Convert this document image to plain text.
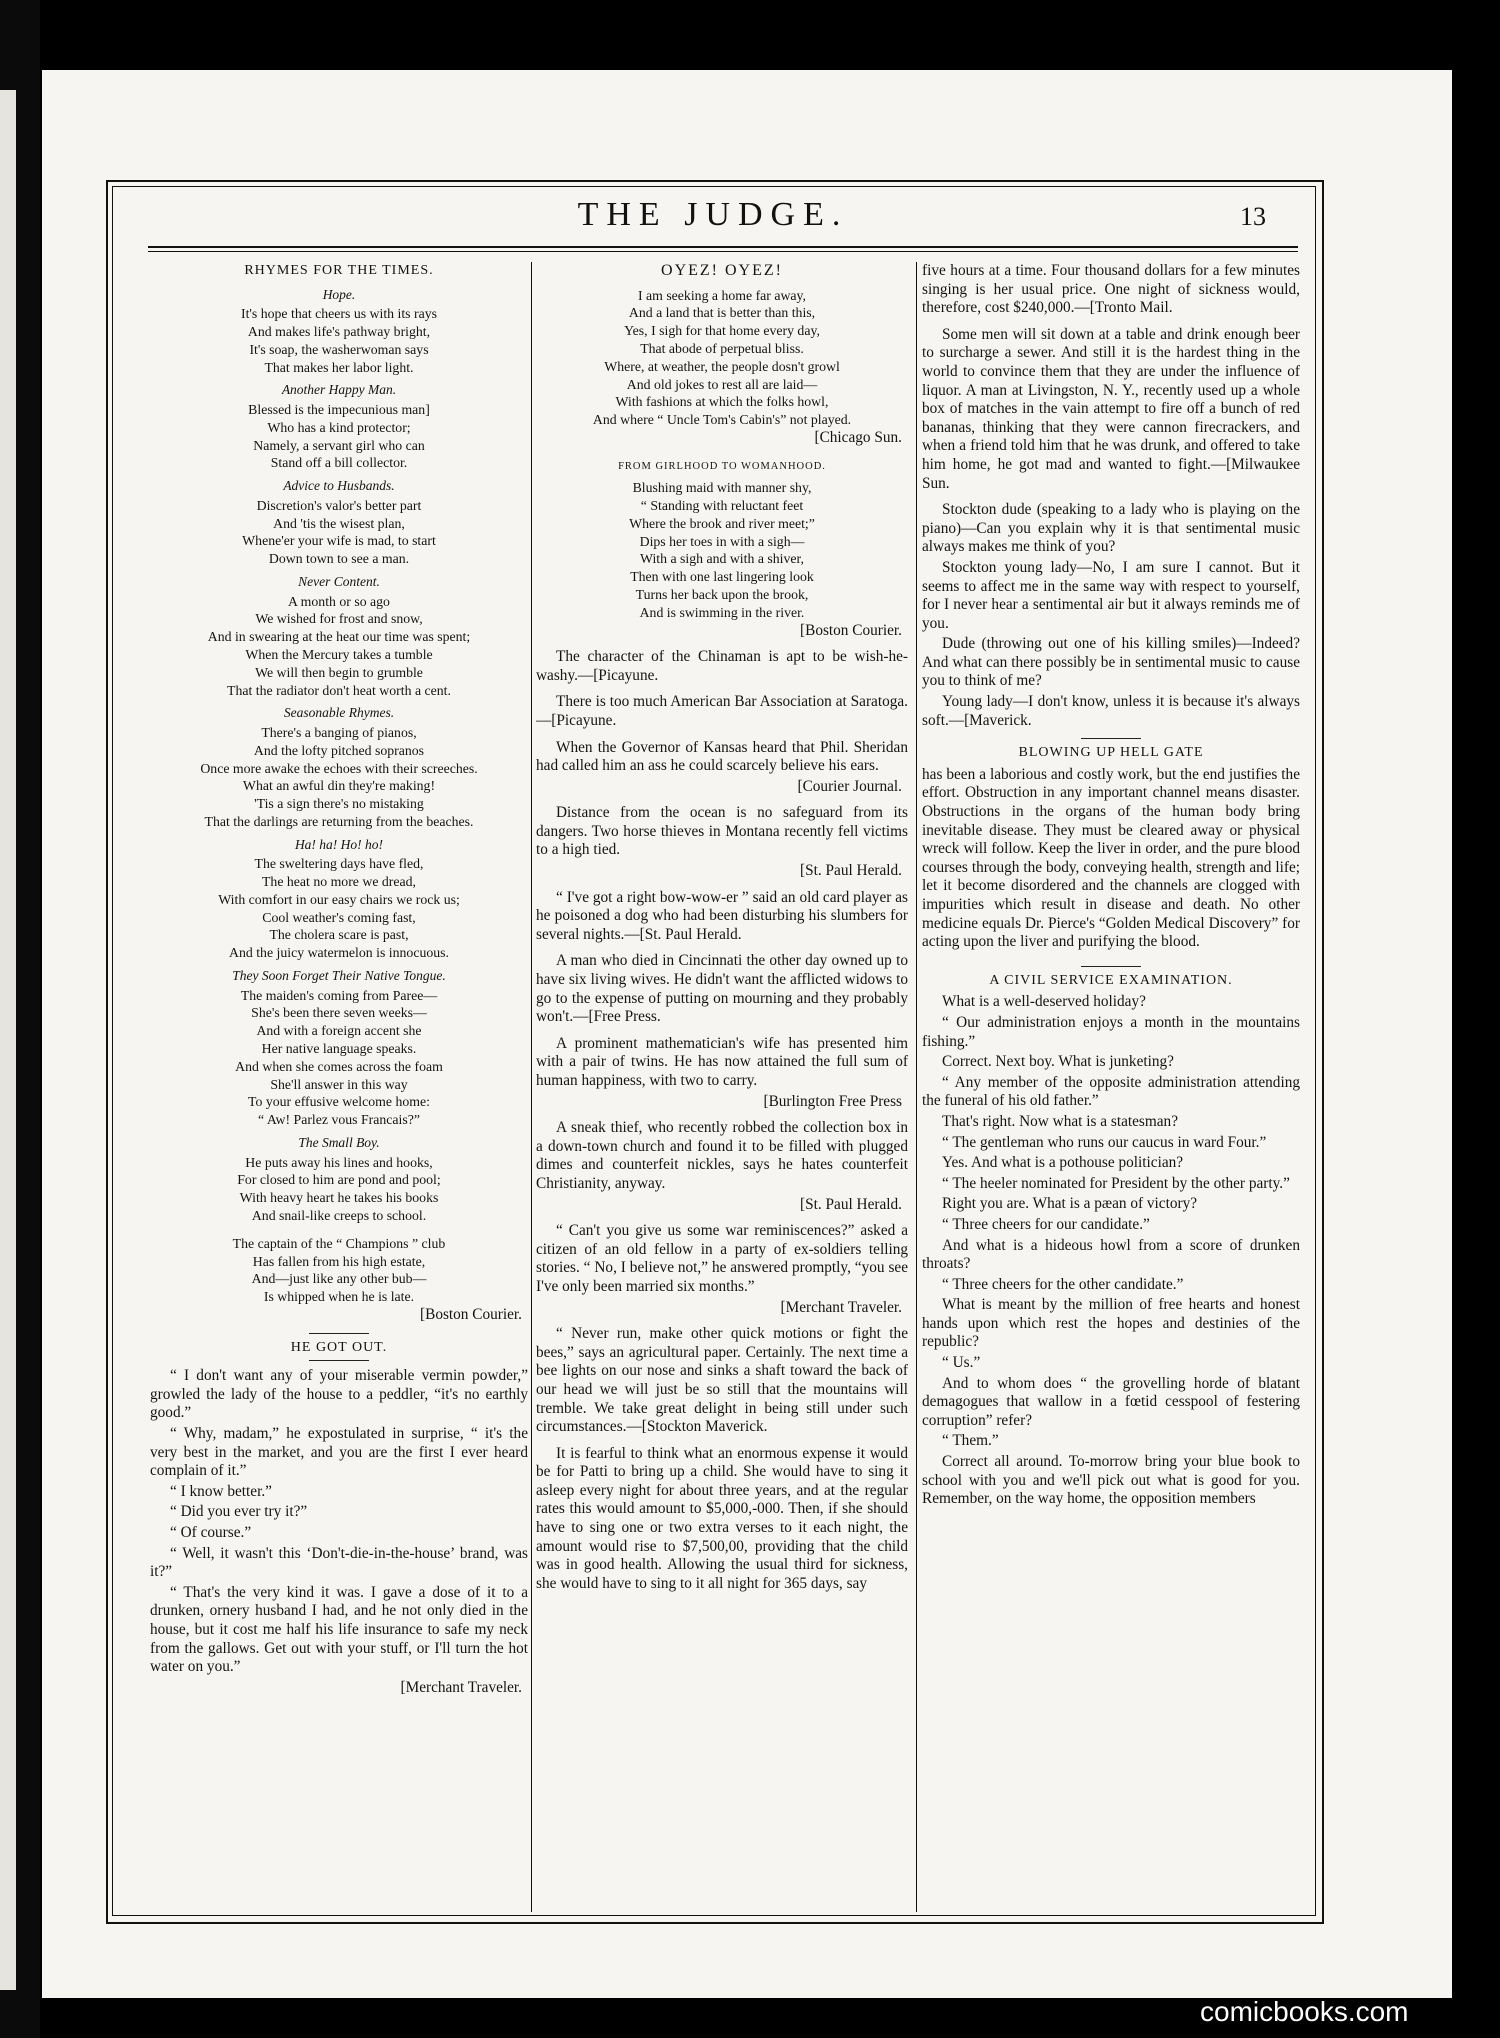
THE JUDGE.	13
RHYMES FOR THE TIMES.
Hope.
It's hope that cheers us with its rays
And makes life's pathway bright,
It's soap, the washerwoman says
That makes her labor light.
Another Happy Man.
Blessed is the impecunious man]
Who has a kind protector;
Namely, a servant girl who can
Stand off a bill collector.
Advice to Husbands.
Discretion's valor's better part
And 'tis the wisest plan,
Whene'er your wife is mad, to start
Down town to see a man.
Never Content.
A month or so ago
We wished for frost and snow,
And in swearing at the heat our time was spent;
When the Mercury takes a tumble
We will then begin to grumble
That the radiator don't heat worth a cent.
Seasonable Rhymes.
There's a banging of pianos,
And the lofty pitched sopranos
Once more awake the echoes with their screeches.
What an awful din they're making!
'Tis a sign there's no mistaking
That the darlings are returning from the beaches.
Ha! ha! Ho! ho!
The sweltering days have fled,
The heat no more we dread,
With comfort in our easy chairs we rock us;
Cool weather's coming fast,
The cholera scare is past,
And the juicy watermelon is innocuous.
They Soon Forget Their Native Tongue.
The maiden's coming from Paree—
She's been there seven weeks—
And with a foreign accent she
Her native language speaks.
And when she comes across the foam
She'll answer in this way
To your effusive welcome home:
“ Aw! Parlez vous Francais?”
The Small Boy.
He puts away his lines and hooks,
For closed to him are pond and pool;
With heavy heart he takes his books
And snail-like creeps to school.
The captain of the “ Champions ” club
Has fallen from his high estate,
And—just like any other bub—
Is whipped when he is late.
[Boston Courier.
HE GOT OUT.
“ I don't want any of your miserable vermin powder,” growled the lady of the house to a peddler, “it's no earthly good.”
“ Why, madam,” he expostulated in surprise, “ it's the very best in the market, and you are the first I ever heard complain of it.”
“ I know better.”
“ Did you ever try it?”
“ Of course.”
“ Well, it wasn't this ‘Don't-die-in-the-house’ brand, was it?”
“ That's the very kind it was. I gave a dose of it to a drunken, ornery husband I had, and he not only died in the house, but it cost me half his life insurance to safe my neck from the gallows. Get out with your stuff, or I'll turn the hot water on you.”
[Merchant Traveler.
OYEZ! OYEZ!
I am seeking a home far away,
And a land that is better than this,
Yes, I sigh for that home every day,
That abode of perpetual bliss.
Where, at weather, the people dosn't growl
And old jokes to rest all are laid—
With fashions at which the folks howl,
And where “ Uncle Tom's Cabin's” not played.
[Chicago Sun.
FROM GIRLHOOD TO WOMANHOOD.
Blushing maid with manner shy,
“ Standing with reluctant feet
Where the brook and river meet;”
Dips her toes in with a sigh—
With a sigh and with a shiver,
Then with one last lingering look
Turns her back upon the brook,
And is swimming in the river.
[Boston Courier.
The character of the Chinaman is apt to be wish-he-washy.—[Picayune.
There is too much American Bar Association at Saratoga.—[Picayune.
When the Governor of Kansas heard that Phil. Sheridan had called him an ass he could scarcely believe his ears.
[Courier Journal.
Distance from the ocean is no safeguard from its dangers. Two horse thieves in Montana recently fell victims to a high tied.
[St. Paul Herald.
“ I've got a right bow-wow-er ” said an old card player as he poisoned a dog who had been disturbing his slumbers for several nights.—[St. Paul Herald.
A man who died in Cincinnati the other day owned up to have six living wives. He didn't want the afflicted widows to go to the expense of putting on mourning and they probably won't.—[Free Press.
A prominent mathematician's wife has presented him with a pair of twins. He has now attained the full sum of human happiness, with two to carry.
[Burlington Free Press
A sneak thief, who recently robbed the collection box in a down-town church and found it to be filled with plugged dimes and counterfeit nickles, says he hates counterfeit Christianity, anyway.
[St. Paul Herald.
“ Can't you give us some war reminiscences?” asked a citizen of an old fellow in a party of ex-soldiers telling stories. “ No, I believe not,” he answered promptly, “you see I've only been married six months.”
[Merchant Traveler.
“ Never run, make other quick motions or fight the bees,” says an agricultural paper. Certainly. The next time a bee lights on our nose and sinks a shaft toward the back of our head we will just be so still that the mountains will tremble. We take great delight in being still under such circumstances.—[Stockton Maverick.
It is fearful to think what an enormous expense it would be for Patti to bring up a child. She would have to sing it asleep every night for about three years, and at the regular rates this would amount to $5,000,-000. Then, if she should have to sing one or two extra verses to it each night, the amount would rise to $7,500,00, providing that the child was in good health. Allowing the usual third for sickness, she would have to sing to it all night for 365 days, say
five hours at a time. Four thousand dollars for a few minutes singing is her usual price. One night of sickness would, therefore, cost $240,000.—[Tronto Mail.
Some men will sit down at a table and drink enough beer to surcharge a sewer. And still it is the hardest thing in the world to convince them that they are under the influence of liquor. A man at Livingston, N. Y., recently used up a whole box of matches in the vain attempt to fire off a bunch of red bananas, thinking that they were cannon firecrackers, and when a friend told him that he was drunk, and offered to take him home, he got mad and wanted to fight.—[Milwaukee Sun.
Stockton dude (speaking to a lady who is playing on the piano)—Can you explain why it is that sentimental music always makes me think of you?
Stockton young lady—No, I am sure I cannot. But it seems to affect me in the same way with respect to yourself, for I never hear a sentimental air but it always reminds me of you.
Dude (throwing out one of his killing smiles)—Indeed? And what can there possibly be in sentimental music to cause you to think of me?
Young lady—I don't know, unless it is because it's always soft.—[Maverick.
BLOWING UP HELL GATE
has been a laborious and costly work, but the end justifies the effort. Obstruction in any important channel means disaster. Obstructions in the organs of the human body bring inevitable disease. They must be cleared away or physical wreck will follow. Keep the liver in order, and the pure blood courses through the body, conveying health, strength and life; let it become disordered and the channels are clogged with impurities which result in disease and death. No other medicine equals Dr. Pierce's “Golden Medical Discovery” for acting upon the liver and purifying the blood.
A CIVIL SERVICE EXAMINATION.
What is a well-deserved holiday?
“ Our administration enjoys a month in the mountains fishing.”
Correct. Next boy. What is junketing?
“ Any member of the opposite administration attending the funeral of his old father.”
That's right. Now what is a statesman?
“ The gentleman who runs our caucus in ward Four.”
Yes. And what is a pothouse politician?
“ The heeler nominated for President by the other party.”
Right you are. What is a pæan of victory?
“ Three cheers for our candidate.”
And what is a hideous howl from a score of drunken throats?
“ Three cheers for the other candidate.”
What is meant by the million of free hearts and honest hands upon which rest the hopes and destinies of the republic?
“ Us.”
And to whom does “ the grovelling horde of blatant demagogues that wallow in a fœtid cesspool of festering corruption” refer?
“ Them.”
Correct all around. To-morrow bring your blue book to school with you and we'll pick out what is good for you. Remember, on the way home, the opposition members
comicbooks.com
